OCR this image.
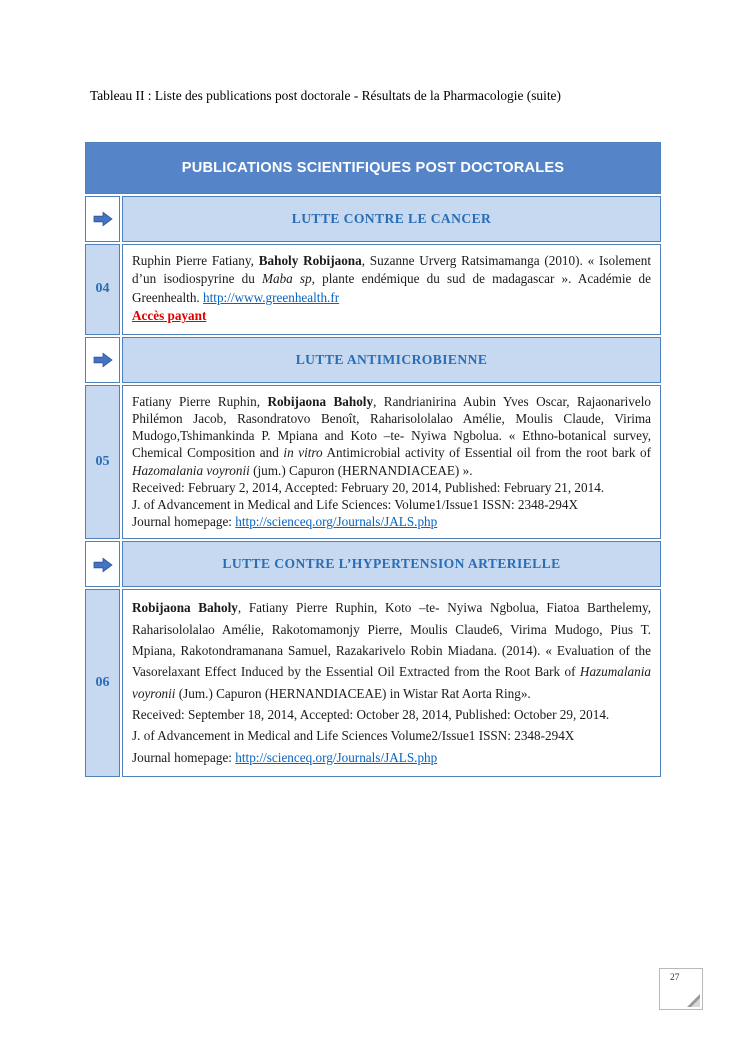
Tableau II : Liste des publications post doctorale - Résultats de la Pharmacologie (suite)
PUBLICATIONS SCIENTIFIQUES POST DOCTORALES	
	LUTTE CONTRE LE CANCER
04	Ruphin Pierre Fatiany, Baholy Robijaona, Suzanne Urverg Ratsimamanga (2010). « Isolement d’un isodiospyrine du Maba sp, plante endémique du sud de madagascar ». Académie de Greenhealth. http://www.greenhealth.fr
Accès payant
	LUTTE ANTIMICROBIENNE
05	Fatiany Pierre Ruphin, Robijaona Baholy, Randrianirina Aubin Yves Oscar, Rajaonarivelo Philémon Jacob, Rasondratovo Benoît, Raharisololalao Amélie, Moulis Claude, Virima Mudogo,Tshimankinda P. Mpiana and Koto –te- Nyiwa Ngbolua. « Ethno-botanical survey, Chemical Composition and in vitro Antimicrobial activity of Essential oil from the root bark of Hazomalania voyronii (jum.) Capuron (HERNANDIACEAE) ».
Received: February 2, 2014, Accepted: February 20, 2014, Published: February 21, 2014.
J. of Advancement in Medical and Life Sciences: Volume1/Issue1 ISSN: 2348-294X
Journal homepage: http://scienceq.org/Journals/JALS.php
	LUTTE CONTRE L’HYPERTENSION ARTERIELLE
06	Robijaona Baholy, Fatiany Pierre Ruphin, Koto –te- Nyiwa Ngbolua, Fiatoa Barthelemy, Raharisololalao Amélie, Rakotomamonjy Pierre, Moulis Claude6, Virima Mudogo, Pius T. Mpiana, Rakotondramanana Samuel, Razakarivelo Robin Miadana. (2014). « Evaluation of the Vasorelaxant Effect Induced by the Essential Oil Extracted from the Root Bark of Hazumalania voyronii (Jum.) Capuron (HERNANDIACEAE) in Wistar Rat Aorta Ring».
Received: September 18, 2014, Accepted: October 28, 2014, Published: October 29, 2014.
J. of Advancement in Medical and Life Sciences Volume2/Issue1 ISSN: 2348-294X
Journal homepage: http://scienceq.org/Journals/JALS.php
27
